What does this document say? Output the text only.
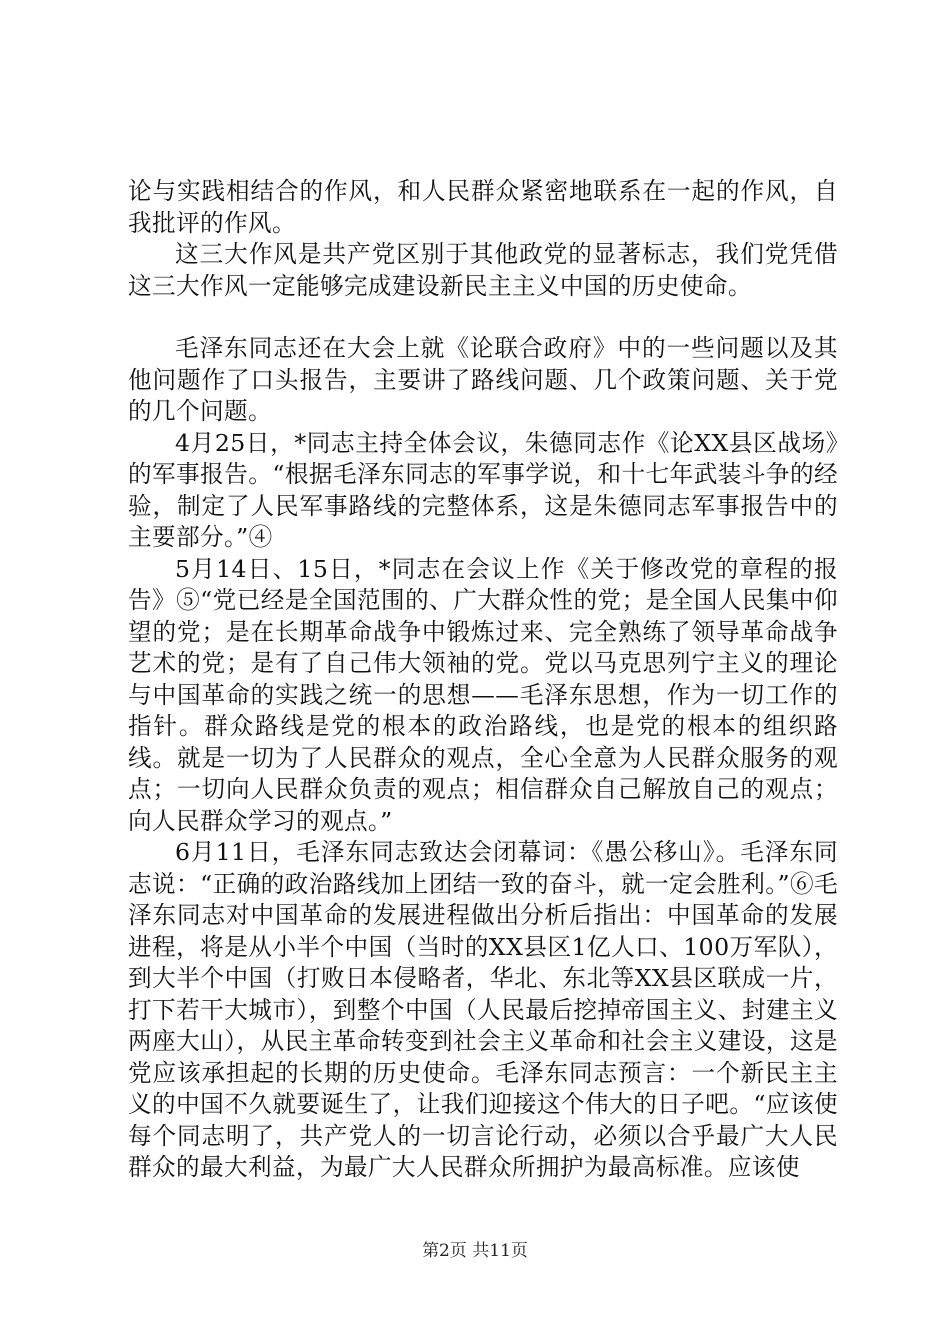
论与实践相结合的作风，和人民群众紧密地联系在一起的作风，自我批评的作风。

这三大作风是共产党区别于其他政党的显著标志，我们党凭借这三大作风一定能够完成建设新民主主义中国的历史使命。

毛泽东同志还在大会上就《论联合政府》中的一些问题以及其他问题作了口头报告，主要讲了路线问题、几个政策问题、关于党的几个问题。

4月25日，*同志主持全体会议，朱德同志作《论XX县区战场》的军事报告。“根据毛泽东同志的军事学说，和十七年武装斗争的经验，制定了人民军事路线的完整体系，这是朱德同志军事报告中的主要部分。”④

5月14日、15日，*同志在会议上作《关于修改党的章程的报告》⑤“党已经是全国范围的、广大群众性的党；是全国人民集中仰望的党；是在长期革命战争中锻炼过来、完全熟练了领导革命战争艺术的党；是有了自己伟大领袖的党。党以马克思列宁主义的理论与中国革命的实践之统一的思想——毛泽东思想，作为一切工作的指针。群众路线是党的根本的政治路线，也是党的根本的组织路线。就是一切为了人民群众的观点，全心全意为人民群众服务的观点；一切向人民群众负责的观点；相信群众自己解放自己的观点；向人民群众学习的观点。”

6月11日，毛泽东同志致达会闭幕词：《愚公移山》。毛泽东同志说：“正确的政治路线加上团结一致的奋斗，就一定会胜利。”⑥毛泽东同志对中国革命的发展进程做出分析后指出：中国革命的发展进程，将是从小半个中国（当时的XX县区1亿人口、100万军队），到大半个中国（打败日本侵略者，华北、东北等XX县区联成一片，打下若干大城市），到整个中国（人民最后挖掉帝国主义、封建主义两座大山），从民主革命转变到社会主义革命和社会主义建设，这是党应该承担起的长期的历史使命。毛泽东同志预言：一个新民主主义的中国不久就要诞生了，让我们迎接这个伟大的日子吧。“应该使每个同志明了，共产党人的一切言论行动，必须以合乎最广大人民群众的最大利益，为最广大人民群众所拥护为最高标准。应该使

第2页 共11页
